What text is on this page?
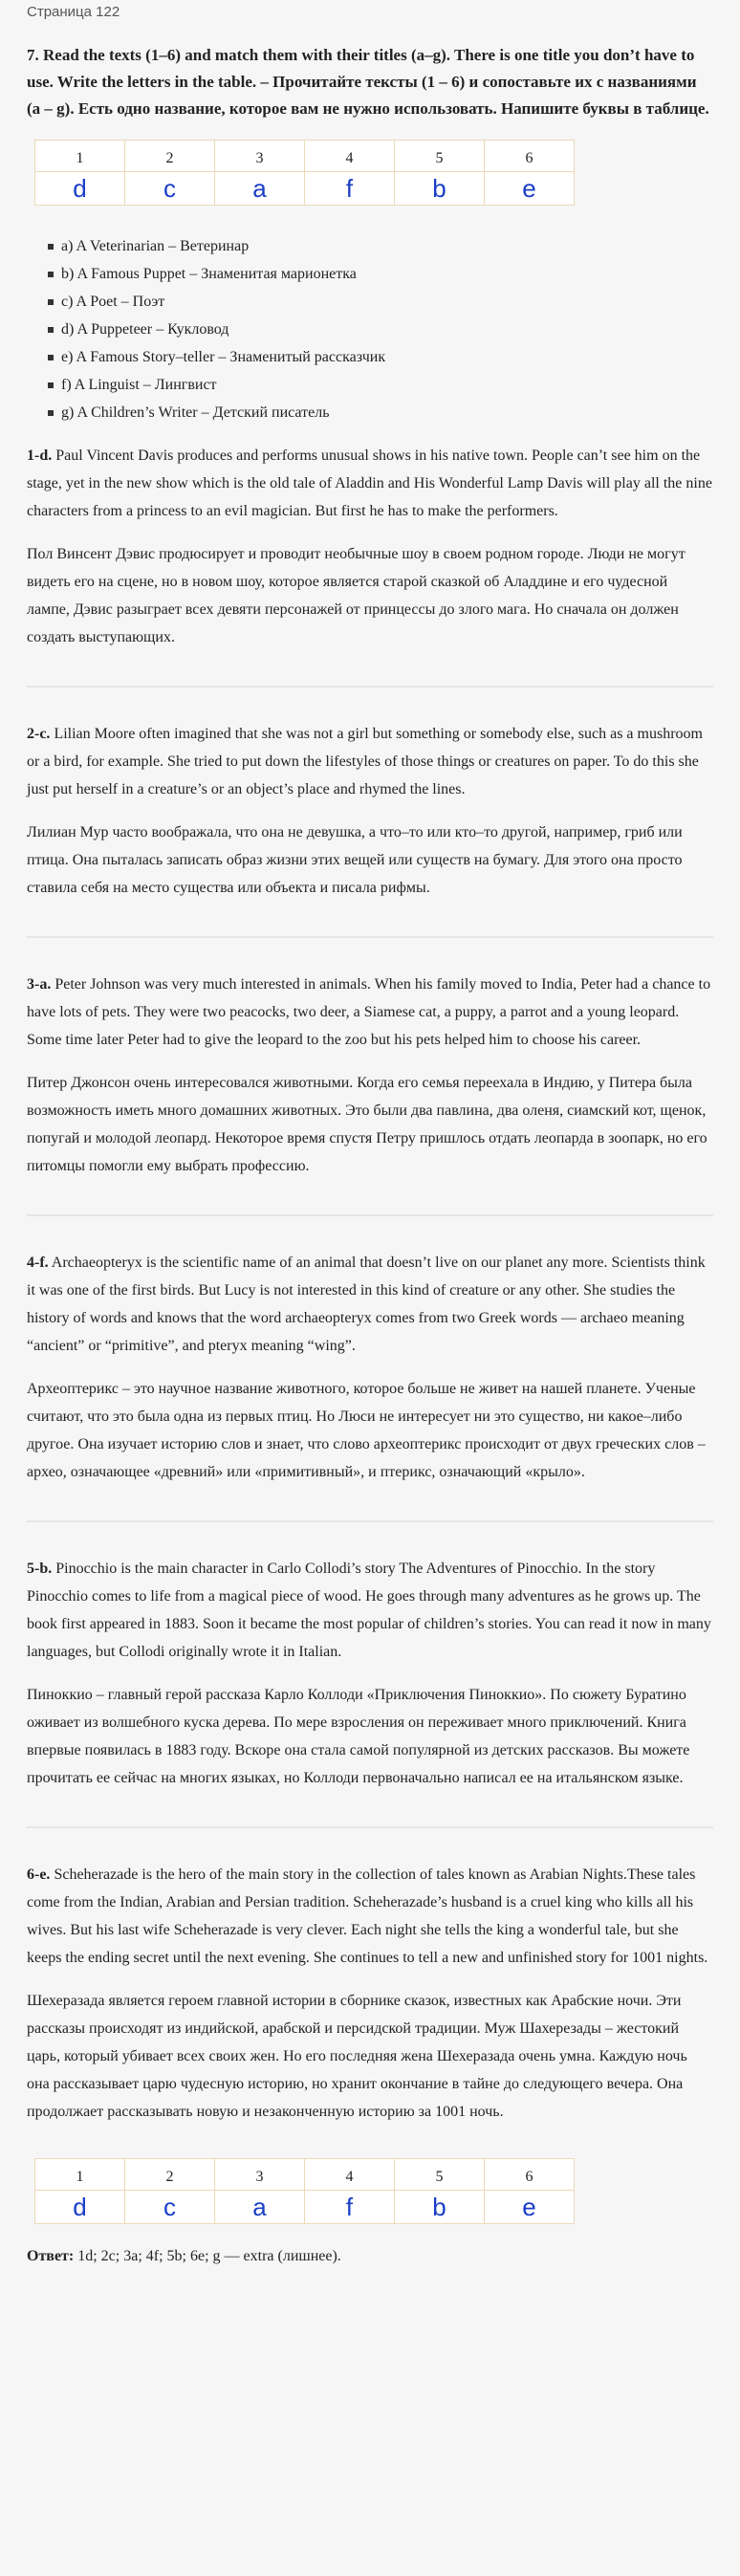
Страница 122
7. Read the texts (1–6) and match them with their titles (a–g). There is one title you don’t have to use. Write the letters in the table. – Прочитайте тексты (1 – 6) и сопоставьте их с названиями (a – g). Есть одно название, которое вам не нужно использовать. Напишите буквы в таблице.
1	2	3	4	5	6
d	c	a	f	b	e
a) A Veterinarian – Ветеринар
b) A Famous Puppet – Знаменитая марионетка
c) A Poet – Поэт
d) A Puppeteer – Кукловод
e) A Famous Story–teller – Знаменитый рассказчик
f) A Linguist – Лингвист
g) A Children’s Writer – Детский писатель

1-d. Paul Vincent Davis produces and performs unusual shows in his native town. People can’t see him on the stage, yet in the new show which is the old tale of Aladdin and His Wonderful Lamp Davis will play all the nine characters from a princess to an evil magician. But first he has to make the performers.

Пол Винсент Дэвис продюсирует и проводит необычные шоу в своем родном городе. Люди не могут видеть его на сцене, но в новом шоу, которое является старой сказкой об Аладдине и его чудесной лампе, Дэвис разыграет всех девяти персонажей от принцессы до злого мага. Но сначала он должен создать выступающих.

2-c. Lilian Moore often imagined that she was not a girl but something or somebody else, such as a mushroom or a bird, for example. She tried to put down the lifestyles of those things or creatures on paper. To do this she just put herself in a creature’s or an object’s place and rhymed the lines.

Лилиан Мур часто воображала, что она не девушка, а что–то или кто–то другой, например, гриб или птица. Она пыталась записать образ жизни этих вещей или существ на бумагу. Для этого она просто ставила себя на место существа или объекта и писала рифмы.

3-a. Peter Johnson was very much interested in animals. When his family moved to India, Peter had a chance to have lots of pets. They were two peacocks, two deer, a Siamese cat, a puppy, a parrot and a young leopard. Some time later Peter had to give the leopard to the zoo but his pets helped him to choose his career.

Питер Джонсон очень интересовался животными. Когда его семья переехала в Индию, у Питера была возможность иметь много домашних животных. Это были два павлина, два оленя, сиамский кот, щенок, попугай и молодой леопард. Некоторое время спустя Петру пришлось отдать леопарда в зоопарк, но его питомцы помогли ему выбрать профессию.

4-f. Archaeopteryx is the scientific name of an animal that doesn’t live on our planet any more. Scientists think it was one of the first birds. But Lucy is not interested in this kind of creature or any other. She studies the history of words and knows that the word archaeopteryx comes from two Greek words — archaeo meaning “ancient” or “primitive”, and pteryx meaning “wing”.

Археоптерикс – это научное название животного, которое больше не живет на нашей планете. Ученые считают, что это была одна из первых птиц. Но Люси не интересует ни это существо, ни какое–либо другое. Она изучает историю слов и знает, что слово археоптерикс происходит от двух греческих слов – археo, означающее «древний» или «примитивный», и птерикс, означающий «крыло».

5-b. Pinocchio is the main character in Carlo Collodi’s story The Adventures of Pinocchio. In the story Pinocchio comes to life from a magical piece of wood. He goes through many adventures as he grows up. The book first appeared in 1883. Soon it became the most popular of children’s stories. You can read it now in many languages, but Collodi originally wrote it in Italian.

Пиноккио – главный герой рассказа Карло Коллоди «Приключения Пиноккио». По сюжету Буратино оживает из волшебного куска дерева. По мере взросления он переживает много приключений. Книга впервые появилась в 1883 году. Вскоре она стала самой популярной из детских рассказов. Вы можете прочитать ее сейчас на многих языках, но Коллоди первоначально написал ее на итальянском языке.

6-e. Scheherazade is the hero of the main story in the collection of tales known as Arabian Nights.These tales come from the Indian, Arabian and Persian tradition. Scheherazade’s husband is a cruel king who kills all his wives. But his last wife Scheherazade is very clever. Each night she tells the king a wonderful tale, but she keeps the ending secret until the next evening. She continues to tell a new and unfinished story for 1001 nights.

Шехеразада является героем главной истории в сборнике сказок, известных как Арабские ночи. Эти рассказы происходят из индийской, арабской и персидской традиции. Муж Шахерезады – жестокий царь, который убивает всех своих жен. Но его последняя жена Шехеразада очень умна. Каждую ночь она рассказывает царю чудесную историю, но хранит окончание в тайне до следующего вечера. Она продолжает рассказывать новую и незаконченную историю за 1001 ночь.

1	2	3	4	5	6
d	c	a	f	b	e
Ответ: 1d; 2c; 3a; 4f; 5b; 6e; g — extra (лишнее).
